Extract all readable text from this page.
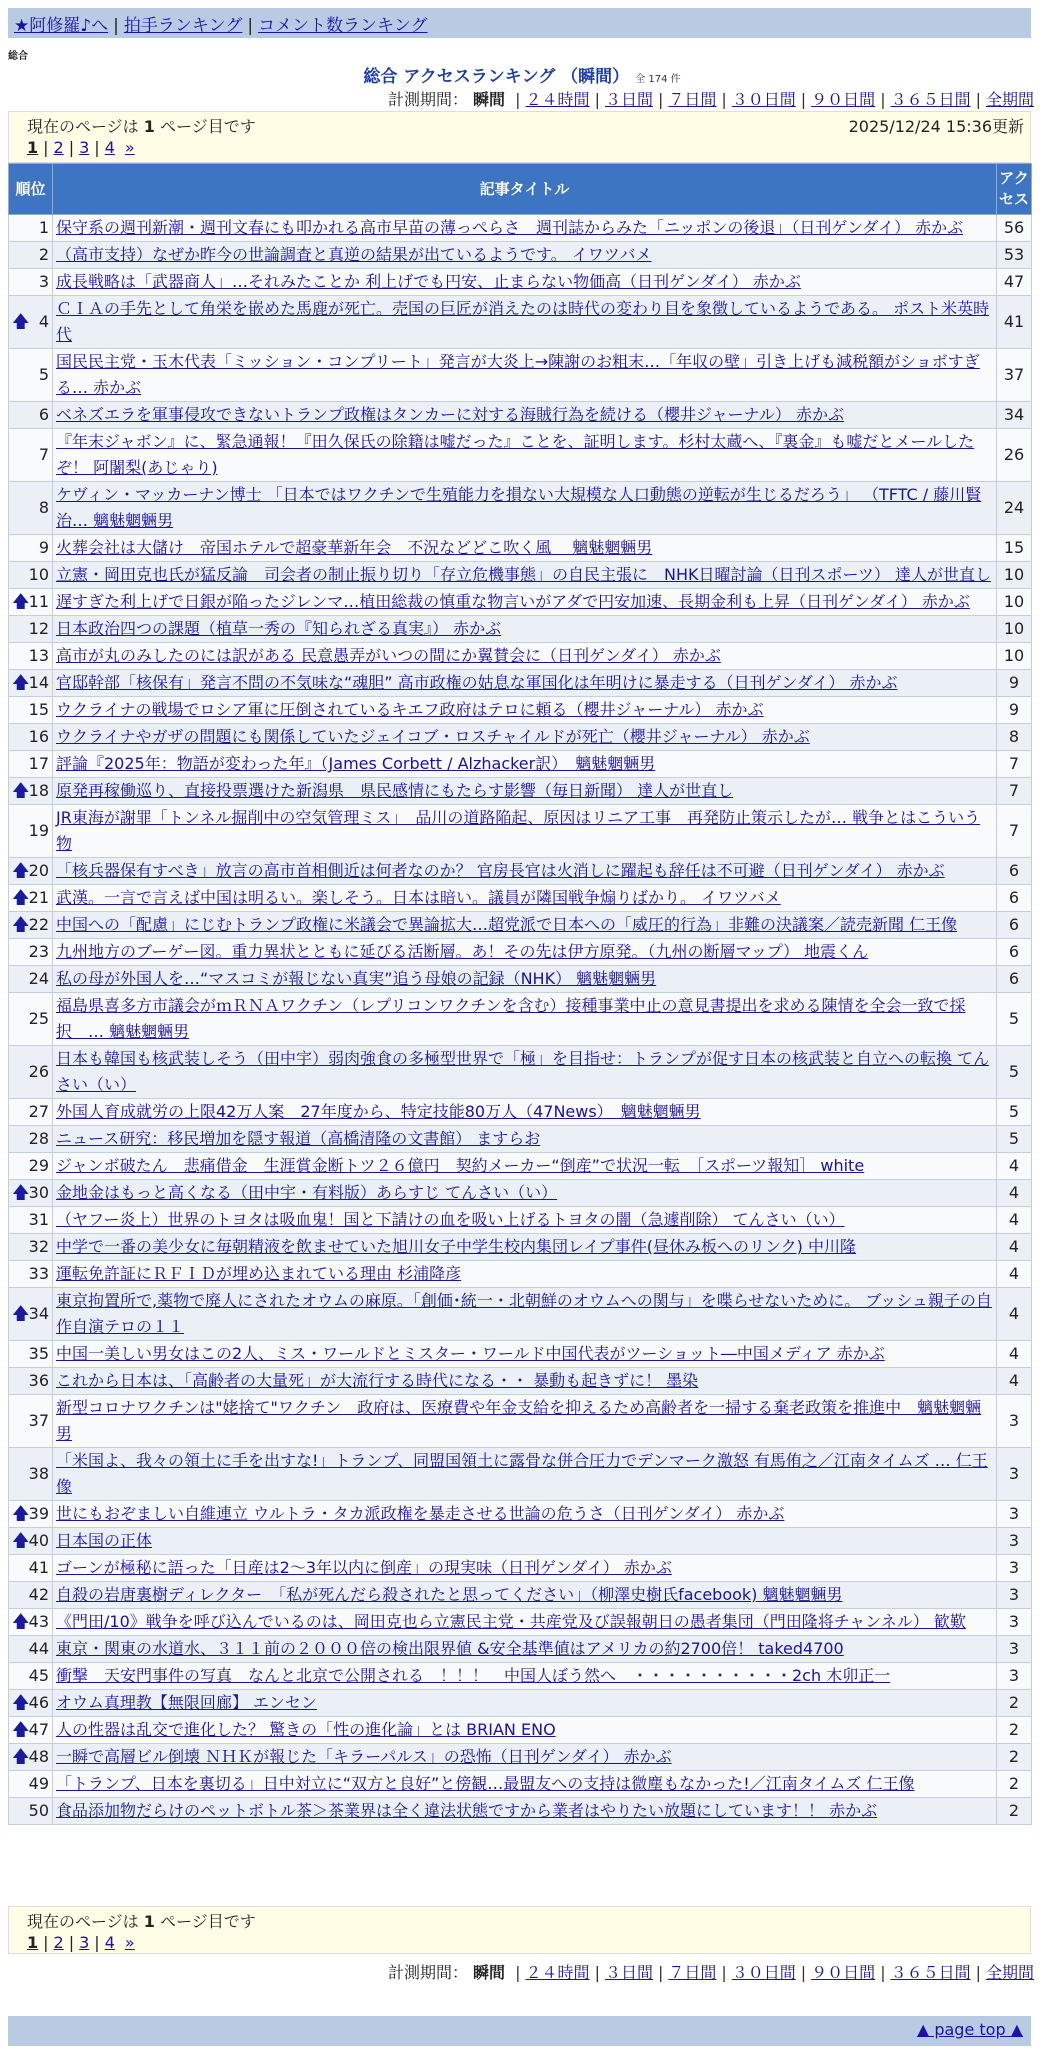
★阿修羅♪へ | 拍手ランキング | コメント数ランキング
総合
総合 アクセスランキング （瞬間） 全 174 件
計測期間： 瞬間 | ２４時間 | ３日間 | ７日間 | ３０日間 | ９０日間 | ３６５日間 | 全期間
現在のページは 1 ページ目です	2025/12/24 15:36更新
1 | 2 | 3 | 4 »
順位	記事タイトル	アクセス
1	保守系の週刊新潮・週刊文春にも叩かれる高市早苗の薄っぺらさ　週刊誌からみた「ニッポンの後退」（日刊ゲンダイ） 赤かぶ	56
2	（高市支持）なぜか昨今の世論調査と真逆の結果が出ているようです。 イワツバメ	53
3	成長戦略は「武器商人」…それみたことか 利上げでも円安、止まらない物価高（日刊ゲンダイ） 赤かぶ	47

🡅 4	ＣＩＡの手先として角栄を嵌めた馬鹿が死亡。売国の巨匠が消えたのは時代の変わり目を象徴しているようである。 ポスト米英時代	41
5	国民民主党・玉木代表「ミッション・コンプリート」発言が大炎上→陳謝のお粗末…「年収の壁」引き上げも減税額がショボすぎる… 赤かぶ	37
6	ベネズエラを軍事侵攻できないトランプ政権はタンカーに対する海賊行為を続ける（櫻井ジャーナル） 赤かぶ	34
7	『年末ジャボン』に、緊急通報！『田久保氏の除籍は嘘だった』ことを、証明します。杉村太蔵へ、『裏金』も嘘だとメールしたぞ！ 阿闍梨(あじゃり)	26
8	ケヴィン・マッカーナン博士 「日本ではワクチンで生殖能力を損ない大規模な人口動態の逆転が生じるだろう」 （TFTC / 藤川賢治… 魑魅魍魎男	24
9	火葬会社は大儲け　帝国ホテルで超豪華新年会　不況などどこ吹く風　 魑魅魍魎男	15
10	立憲・岡田克也氏が猛反論　司会者の制止振り切り「存立危機事態」の自民主張に　NHK日曜討論（日刊スポーツ） 達人が世直し	10

🡅 11	遅すぎた利上げで日銀が陥ったジレンマ…植田総裁の慎重な物言いがアダで円安加速、長期金利も上昇（日刊ゲンダイ） 赤かぶ	10
12	日本政治四つの課題（植草一秀の『知られざる真実』） 赤かぶ	10
13	高市が丸のみしたのには訳がある 民意愚弄がいつの間にか翼賛会に（日刊ゲンダイ） 赤かぶ	10

🡅 14	官邸幹部「核保有」発言不問の不気味な“魂胆” 高市政権の姑息な軍国化は年明けに暴走する（日刊ゲンダイ） 赤かぶ	9
15	ウクライナの戦場でロシア軍に圧倒されているキエフ政府はテロに頼る（櫻井ジャーナル） 赤かぶ	9
16	ウクライナやガザの問題にも関係していたジェイコブ・ロスチャイルドが死亡（櫻井ジャーナル） 赤かぶ	8
17	評論『2025年：物語が変わった年』（James Corbett / Alzhacker訳）　魑魅魍魎男	7

🡅 18	原発再稼働巡り、直接投票選けた新潟県　県民感情にもたらす影響（毎日新聞） 達人が世直し	7
19	JR東海が謝罪「トンネル掘削中の空気管理ミス」　品川の道路陥起、原因はリニア工事　再発防止策示したが… 戦争とはこういう物	7

🡅 20	「核兵器保有すべき」放言の高市首相側近は何者なのか？ 官房長官は火消しに躍起も辞任は不可避（日刊ゲンダイ） 赤かぶ	6

🡅 21	武漢。一言で言えば中国は明るい。楽しそう。日本は暗い。議員が隣国戦争煽りばかり。 イワツバメ	6

🡅 22	中国への「配慮」にじむトランプ政権に米議会で異論拡大…超党派で日本への「威圧的行為」非難の決議案／読売新聞 仁王像	6
23	九州地方のブーゲー図。重力異状とともに延びる活断層。あ！その先は伊方原発。（九州の断層マップ） 地震くん	6
24	私の母が外国人を…“マスコミが報じない真実”追う母娘の記録（NHK） 魑魅魍魎男	6
25	福島県喜多方市議会がｍＲＮＡワクチン（レプリコンワクチンを含む）接種事業中止の意見書提出を求める陳情を全会一致で採択　… 魑魅魍魎男	5
26	日本も韓国も核武装しそう（田中宇）弱肉強食の多極型世界で「極」を目指せ：トランプが促す日本の核武装と自立への転換 てんさい（い）	5
27	外国人育成就労の上限42万人案　27年度から、特定技能80万人（47News）　魑魅魍魎男	5
28	ニュース研究：移民増加を隠す報道（高橋清隆の文書館） ますらお	5
29	ジャンボ破たん　悲痛借金　生涯賞金断トツ２６億円　契約メーカー“倒産”で状況一転　［スポーツ報知］ white	4

🡅 30	金地金はもっと高くなる（田中宇・有料版）あらすじ てんさい（い）	4
31	（ヤフー炎上）世界のトヨタは吸血鬼！国と下請けの血を吸い上げるトヨタの闇（急遽削除） てんさい（い）	4
32	中学で一番の美少女に毎朝精液を飲ませていた旭川女子中学生校内集団レイプ事件(昼休み板へのリンク) 中川隆	4
33	運転免許証にＲＦＩＤが埋め込まれている理由 杉浦降彦	4

🡅 34	東京拘置所で,薬物で廃人にされたオウムの麻原。「創価･統一・北朝鮮のオウムへの関与」を喋らせないために。 ブッシュ親子の自作自演テロの１１	4
35	中国一美しい男女はこの2人、ミス・ワールドとミスター・ワールド中国代表がツーショット―中国メディア 赤かぶ	4
36	これから日本は、「高齢者の大量死」が大流行する時代になる・・ 暴動も起きずに！ 墨染	4
37	新型コロナワクチンは"姥捨て"ワクチン　政府は、医療費や年金支給を抑えるため高齢者を一掃する棄老政策を推進中　魑魅魍魎男	3
38	「米国よ、我々の領土に手を出すな!」トランプ、同盟国領土に露骨な併合圧力でデンマーク激怒 有馬侑之／江南タイムズ … 仁王像	3

🡅 39	世にもおぞましい自維連立 ウルトラ・タカ派政権を暴走させる世論の危うさ（日刊ゲンダイ） 赤かぶ	3

🡅 40	日本国の正体	3
41	ゴーンが極秘に語った「日産は2～3年以内に倒産」の現実味（日刊ゲンダイ） 赤かぶ	3
42	自殺の岩唐裏樹ディレクター　「私が死んだら殺されたと思ってください」（柳澤史樹氏facebook) 魑魅魍魎男	3

🡅 43	《門田/10》戦争を呼び込んでいるのは、岡田克也ら立憲民主党・共産党及び誤報朝日の愚者集団（門田隆将チャンネル） 歓歎	3
44	東京・関東の水道水、３１１前の２０００倍の検出限界値 &安全基準値はアメリカの約2700倍！ taked4700	3
45	衝撃　天安門事件の写真　なんと北京で公開される　！！！　中国人ぼう然へ　・・・・・・・・・・2ch 木卯正一	3

🡅 46	オウム真理教【無限回廊】 エンセン	2

🡅 47	人の性器は乱交で進化した？ 驚きの「性の進化論」とは BRIAN ENO	2

🡅 48	一瞬で高層ビル倒壊 ＮＨＫが報じた「キラーパルス」の恐怖（日刊ゲンダイ） 赤かぶ	2
49	「トランプ、日本を裏切る」日中対立に“双方と良好”と傍観…最盟友への支持は微塵もなかった!／江南タイムズ 仁王像	2
50	食品添加物だらけのペットボトル茶＞茶業界は全く違法状態ですから業者はやりたい放題にしています！！ 赤かぶ	2
現在のページは 1 ページ目です
1 | 2 | 3 | 4 »
計測期間： 瞬間 | ２４時間 | ３日間 | ７日間 | ３０日間 | ９０日間 | ３６５日間 | 全期間
▲ page top ▲
